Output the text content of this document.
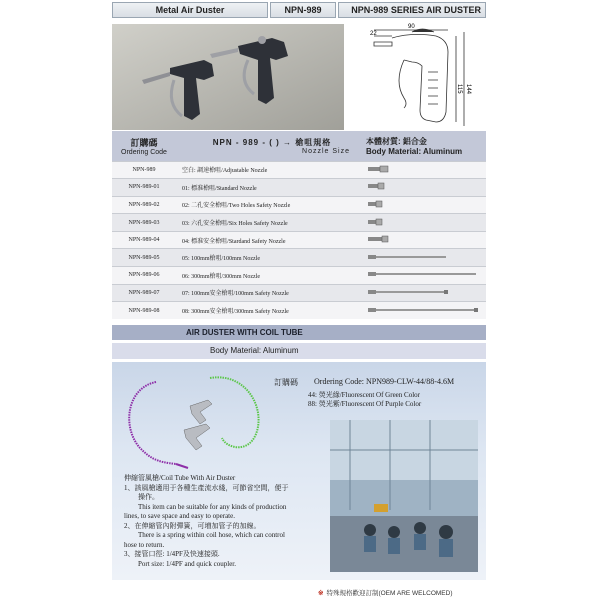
Metal Air Duster	NPN-989	NPN-989 SERIES AIR DUSTER
90
22
115 144
訂購碼
Ordering Code	NPN - 989 - ( ) → 槍咀規格
Nozzle Size	本體材質: 鋁合金
Body Material: Aluminum

NPN-989	空白: 調速槍咀/Adjustable Nozzle	
NPN-989-01	01: 標准槍咀/Standard Nozzle	
NPN-989-02	02: 二孔安全槍咀/Two Holes Safety Nozzle	
NPN-989-03	03: 六孔安全槍咀/Six Holes Safety Nozzle	
NPN-989-04	04: 標准安全槍咀/Stardand Safety Nozzle	
NPN-989-05	05: 100mm槍咀/100mm Nozzle	
NPN-989-06	06: 300mm槍咀/300mm Nozzle	
NPN-989-07	07: 100mm安全槍咀/100mm Safety Nozzle	
NPN-989-08	08: 300mm安全槍咀/300mm Safety Nozzle	
AIR DUSTER WITH COIL TUBE
Body Material: Aluminum
訂購碼 Ordering Code: NPN989-CLW-44/88-4.6M
44: 熒光綠/Fluorescent Of Green Color
88: 熒光紫/Fluorescent Of Purple Color
伸縮管風槍/Coil Tube With Air Duster
1、該風槍適用于各種生產流水綫，可節省空間，便于
操作。
This item can be suitable for any kinds of production
lines, to save space and easy to operate.
2、在伸縮管內附彈簧，可増加管子的加線。
There is a spring within coil hose, which can control
hose to return.
3、接管口徑: 1/4PF及快速接頭.
Port size: 1/4PF and quick coupler.
※ 特殊規格歡迎訂制(OEM ARE WELCOMED)
